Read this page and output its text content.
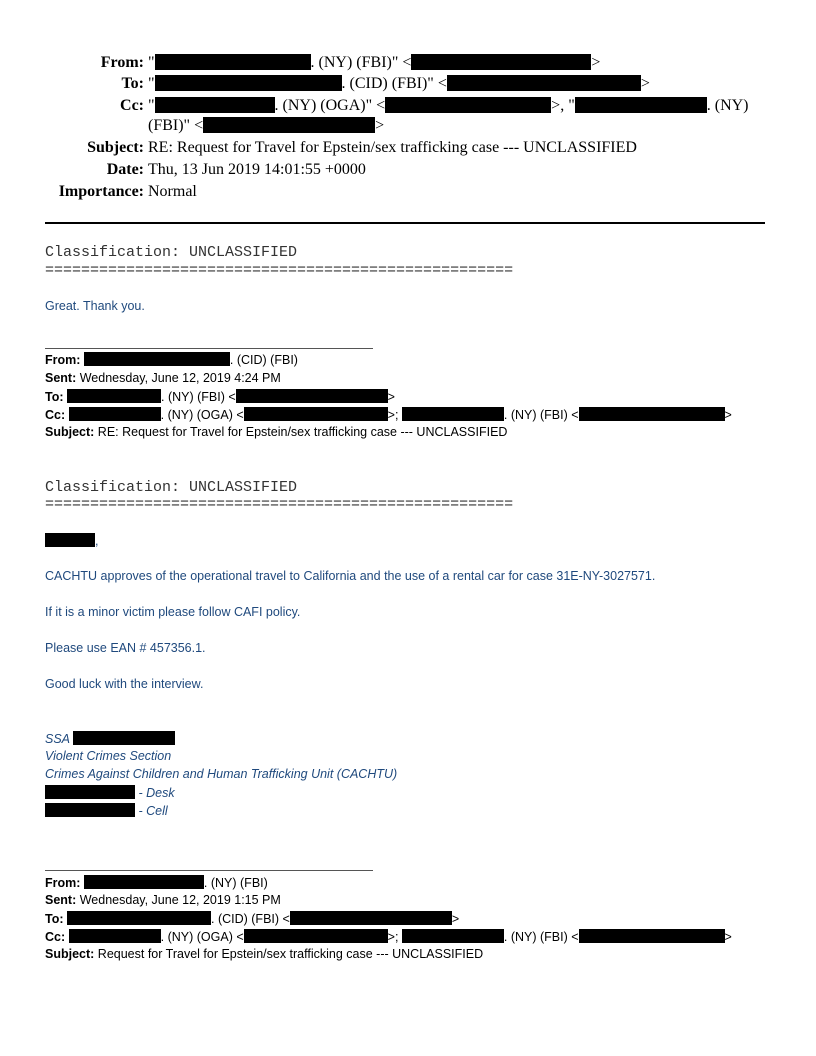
From: "	. (NY) (FBI)" <	>
To: "	. (CID) (FBI)" <	>
Cc: "	. (NY) (OGA)" <	>, "	. (NY)
(FBI)" <	>
Subject: RE: Request for Travel for Epstein/sex trafficking case --- UNCLASSIFIED
Date: Thu, 13 Jun 2019 14:01:55 +0000
Importance: Normal
Classification: UNCLASSIFIED
====================================================
Great. Thank you.
From:	. (CID) (FBI)
Sent: Wednesday, June 12, 2019 4:24 PM
To:	. (NY) (FBI) <	>
Cc:	. (NY) (OGA) <	>;	. (NY) (FBI) <	>
Subject: RE: Request for Travel for Epstein/sex trafficking case --- UNCLASSIFIED
Classification: UNCLASSIFIED
====================================================
,
CACHTU approves of the operational travel to California and the use of a rental car for case 31E-NY-3027571.
If it is a minor victim please follow CAFI policy.
Please use EAN # 457356.1.
Good luck with the interview.
SSA
Violent Crimes Section
Crimes Against Children and Human Trafficking Unit (CACHTU)
- Desk
- Cell
From:	. (NY) (FBI)
Sent: Wednesday, June 12, 2019 1:15 PM
To:	. (CID) (FBI) <	>
Cc:	. (NY) (OGA) <	>;	. (NY) (FBI) <	>
Subject: Request for Travel for Epstein/sex trafficking case --- UNCLASSIFIED
